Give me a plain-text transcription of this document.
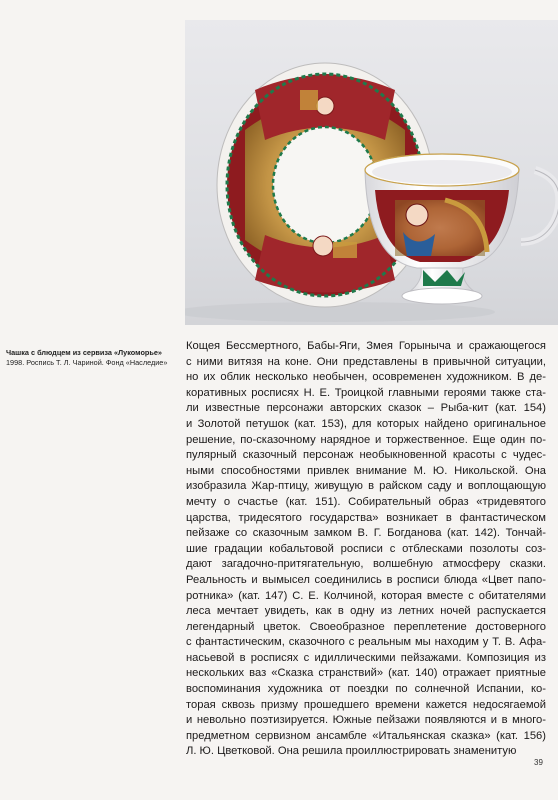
Чашка с блюдцем из сервиза «Лукоморье»
1998. Роспись Т. Л. Чариной. Фонд «Наследие»
Кощея Бессмертного, Бабы-Яги, Змея Горыныча и сражающегося
с ними витязя на коне. Они представлены в привычной ситуации,
но их облик несколько необычен, осовременен художником. В де-
коративных росписях Н. Е. Троицкой главными героями также ста-
ли известные персонажи авторских сказок – Рыба-кит (кат. 154)
и Золотой петушок (кат. 153), для которых найдено оригинальное
решение, по-сказочному нарядное и торжественное. Еще один по-
пулярный сказочный персонаж необыкновенной красоты с чудес-
ными способностями привлек внимание М. Ю. Никольской. Она
изобразила Жар-птицу, живущую в райском саду и воплощающую
мечту о счастье (кат. 151). Собирательный образ «тридевятого
царства, тридесятого государства» возникает в фантастическом
пейзаже со сказочным замком В. Г. Богданова (кат. 142). Тончай-
шие градации кобальтовой росписи с отблесками позолоты соз-
дают загадочно-притягательную, волшебную атмосферу сказки.
Реальность и вымысел соединились в росписи блюда «Цвет папо-
ротника» (кат. 147) С. Е. Колчиной, которая вместе с обитателями
леса мечтает увидеть, как в одну из летних ночей распускается
легендарный цветок. Своеобразное переплетение достоверного
с фантастическим, сказочного с реальным мы находим у Т. В. Афа-
насьевой в росписях с идиллическими пейзажами. Композиция из
нескольких ваз «Сказка странствий» (кат. 140) отражает приятные
воспоминания художника от поездки по солнечной Испании, ко-
торая сквозь призму прошедшего времени кажется недосягаемой
и невольно поэтизируется. Южные пейзажи появляются и в много-
предметном сервизном ансамбле «Итальянская сказка» (кат. 156)
Л. Ю. Цветковой. Она решила проиллюстрировать знаменитую
39
